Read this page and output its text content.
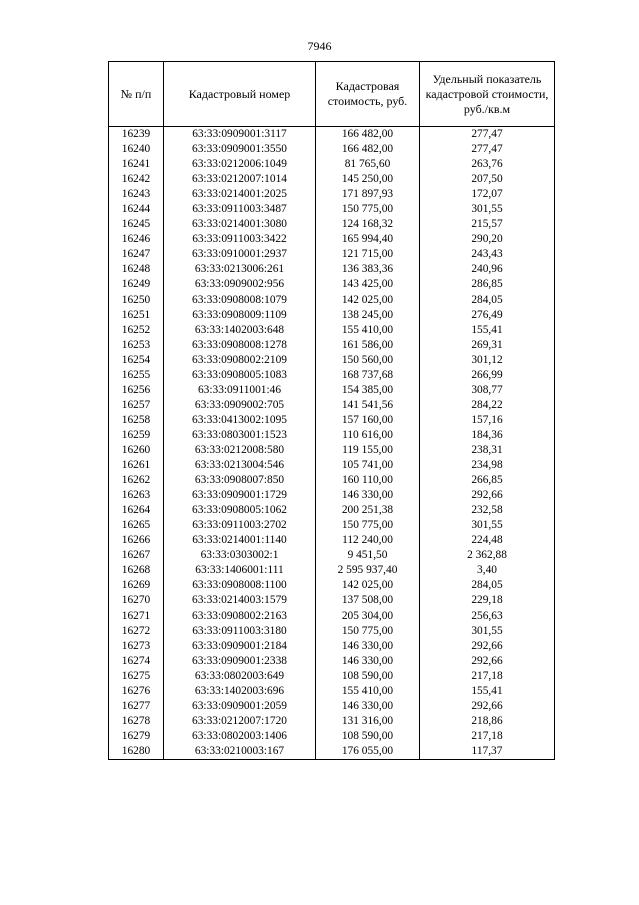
7946
№ п/п	Кадастровый номер	Кадастровая стоимость, руб.	Удельный показатель кадастровой стоимости, руб./кв.м
16239	63:33:0909001:3117	166 482,00	277,47
16240	63:33:0909001:3550	166 482,00	277,47
16241	63:33:0212006:1049	81 765,60	263,76
16242	63:33:0212007:1014	145 250,00	207,50
16243	63:33:0214001:2025	171 897,93	172,07
16244	63:33:0911003:3487	150 775,00	301,55
16245	63:33:0214001:3080	124 168,32	215,57
16246	63:33:0911003:3422	165 994,40	290,20
16247	63:33:0910001:2937	121 715,00	243,43
16248	63:33:0213006:261	136 383,36	240,96
16249	63:33:0909002:956	143 425,00	286,85
16250	63:33:0908008:1079	142 025,00	284,05
16251	63:33:0908009:1109	138 245,00	276,49
16252	63:33:1402003:648	155 410,00	155,41
16253	63:33:0908008:1278	161 586,00	269,31
16254	63:33:0908002:2109	150 560,00	301,12
16255	63:33:0908005:1083	168 737,68	266,99
16256	63:33:0911001:46	154 385,00	308,77
16257	63:33:0909002:705	141 541,56	284,22
16258	63:33:0413002:1095	157 160,00	157,16
16259	63:33:0803001:1523	110 616,00	184,36
16260	63:33:0212008:580	119 155,00	238,31
16261	63:33:0213004:546	105 741,00	234,98
16262	63:33:0908007:850	160 110,00	266,85
16263	63:33:0909001:1729	146 330,00	292,66
16264	63:33:0908005:1062	200 251,38	232,58
16265	63:33:0911003:2702	150 775,00	301,55
16266	63:33:0214001:1140	112 240,00	224,48
16267	63:33:0303002:1	9 451,50	2 362,88
16268	63:33:1406001:111	2 595 937,40	3,40
16269	63:33:0908008:1100	142 025,00	284,05
16270	63:33:0214003:1579	137 508,00	229,18
16271	63:33:0908002:2163	205 304,00	256,63
16272	63:33:0911003:3180	150 775,00	301,55
16273	63:33:0909001:2184	146 330,00	292,66
16274	63:33:0909001:2338	146 330,00	292,66
16275	63:33:0802003:649	108 590,00	217,18
16276	63:33:1402003:696	155 410,00	155,41
16277	63:33:0909001:2059	146 330,00	292,66
16278	63:33:0212007:1720	131 316,00	218,86
16279	63:33:0802003:1406	108 590,00	217,18
16280	63:33:0210003:167	176 055,00	117,37
